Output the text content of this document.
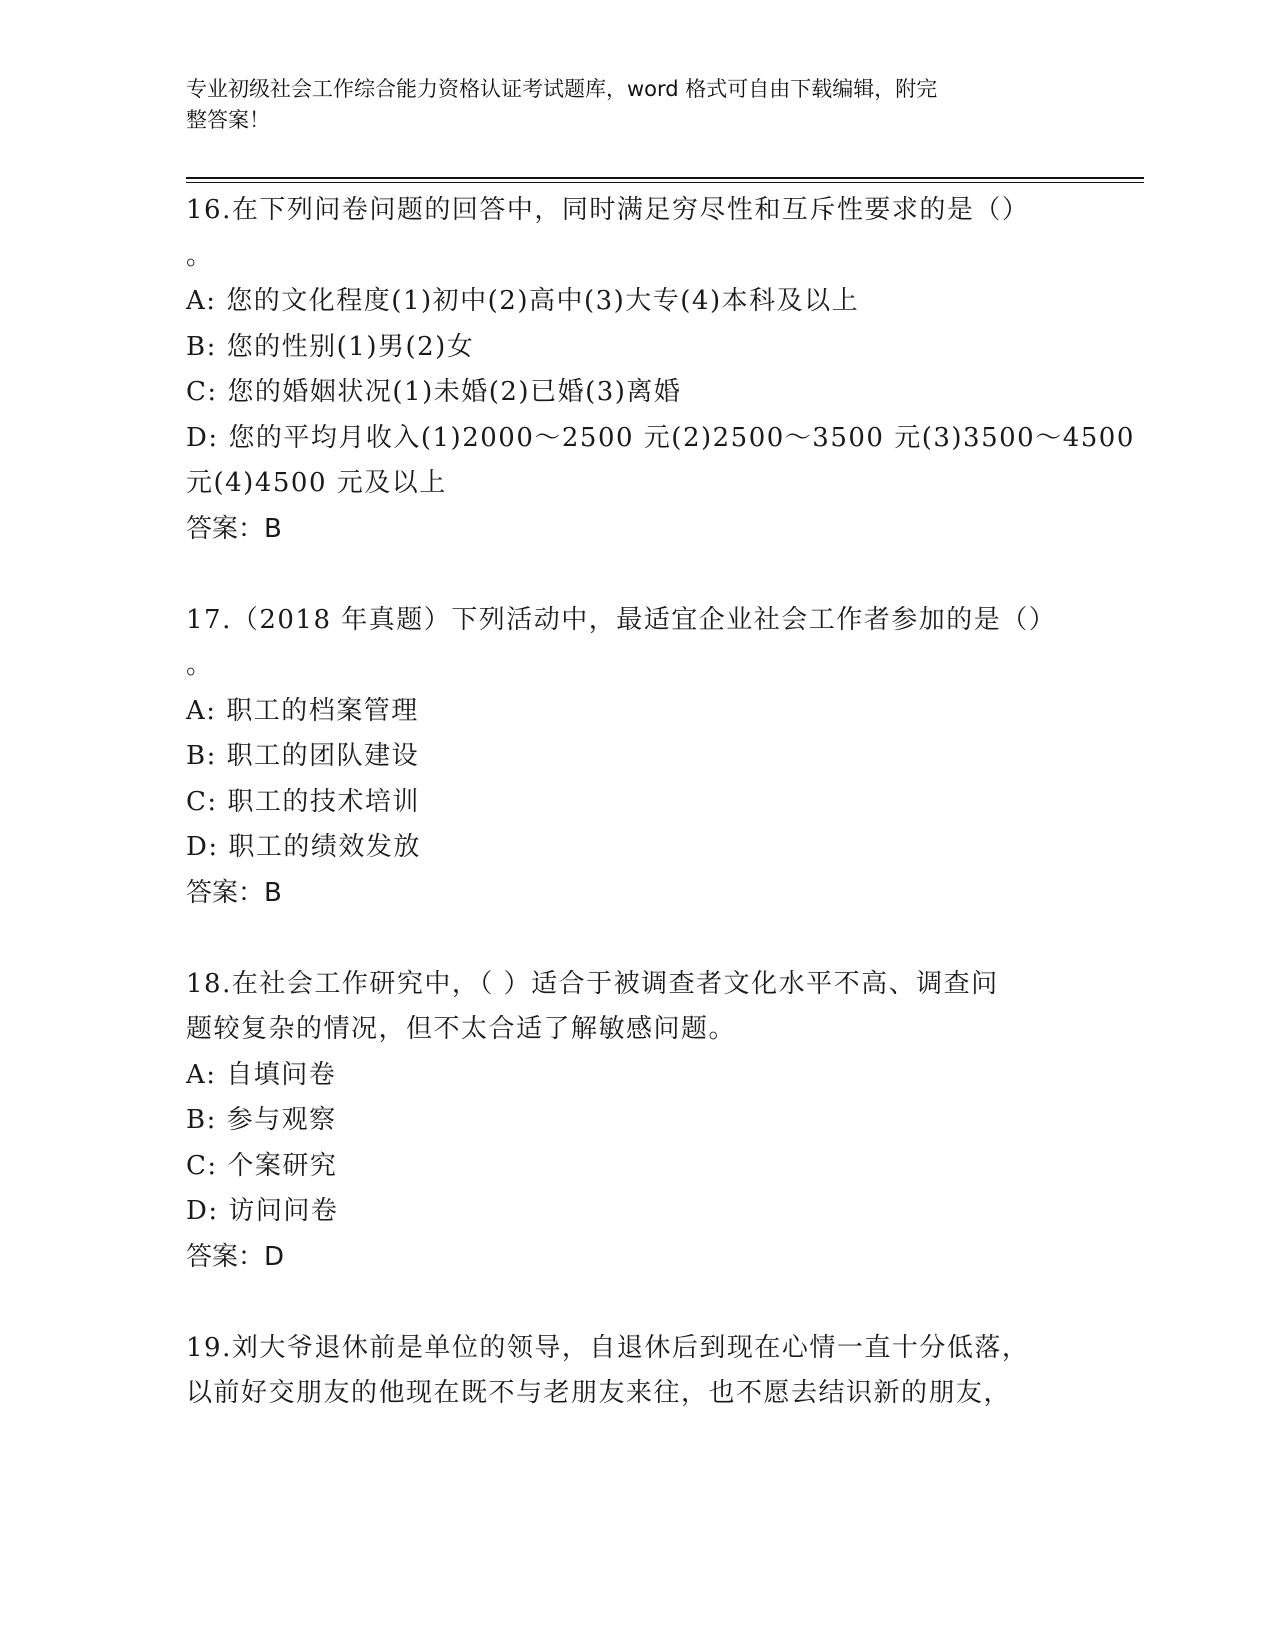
专业初级社会工作综合能力资格认证考试题库，word 格式可自由下载编辑，附完
整答案！
16.在下列问卷问题的回答中，同时满足穷尽性和互斥性要求的是（）
。
A: 您的文化程度(1)初中(2)高中(3)大专(4)本科及以上
B: 您的性别(1)男(2)女
C: 您的婚姻状况(1)未婚(2)已婚(3)离婚
D: 您的平均月收入(1)2000～2500 元(2)2500～3500 元(3)3500～4500
元(4)4500 元及以上
答案：B
17.（2018 年真题）下列活动中，最适宜企业社会工作者参加的是（）
。
A: 职工的档案管理
B: 职工的团队建设
C: 职工的技术培训
D: 职工的绩效发放
答案：B
18.在社会工作研究中，（ ）适合于被调查者文化水平不高、调查问
题较复杂的情况，但不太合适了解敏感问题。
A: 自填问卷
B: 参与观察
C: 个案研究
D: 访问问卷
答案：D
19.刘大爷退休前是单位的领导，自退休后到现在心情一直十分低落，
以前好交朋友的他现在既不与老朋友来往，也不愿去结识新的朋友，
